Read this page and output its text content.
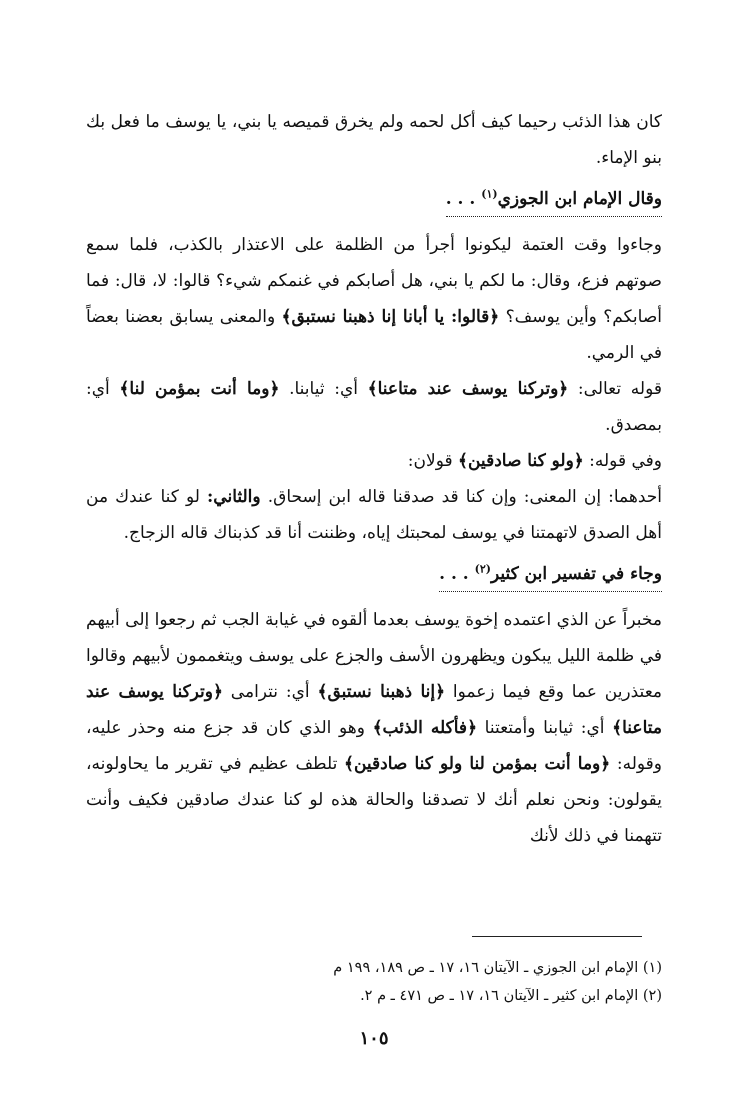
كان هذا الذئب رحيما كيف أكل لحمه ولم يخرق قميصه يا بني، يا يوسف ما فعل بك بنو الإماء.

وقال الإمام ابن الجوزي$^{(١)}$ . . .

وجاءوا وقت العتمة ليكونوا أجرأ من الظلمة على الاعتذار بالكذب، فلما سمع صوتهم فزع، وقال: ما لكم يا بني، هل أصابكم في غنمكم شيء؟ قالوا: لا، قال: فما أصابكم؟ وأين يوسف؟ ﴿قالوا: يا أبانا إنا ذهبنا نستبق﴾ والمعنى يسابق بعضنا بعضاً في الرمي.

قوله تعالى: ﴿وتركنا يوسف عند متاعنا﴾ أي: ثيابنا. ﴿وما أنت بمؤمن لنا﴾ أي: بمصدق.

وفي قوله: ﴿ولو كنا صادقين﴾ قولان:

أحدهما: إن المعنى: وإن كنا قد صدقنا قاله ابن إسحاق. والثاني: لو كنا عندك من أهل الصدق لاتهمتنا في يوسف لمحبتك إياه، وظننت أنا قد كذبناك قاله الزجاج.

وجاء في تفسير ابن كثير$^{(٢)}$ . . .

مخبراً عن الذي اعتمده إخوة يوسف بعدما ألقوه في غيابة الجب ثم رجعوا إلى أبيهم في ظلمة الليل يبكون ويظهرون الأسف والجزع على يوسف ويتغممون لأبيهم وقالوا معتذرين عما وقع فيما زعموا ﴿إنا ذهبنا نستبق﴾ أي: نترامى ﴿وتركنا يوسف عند متاعنا﴾ أي: ثيابنا وأمتعتنا ﴿فأكله الذئب﴾ وهو الذي كان قد جزع منه وحذر عليه، وقوله: ﴿وما أنت بمؤمن لنا ولو كنا صادقين﴾ تلطف عظيم في تقرير ما يحاولونه، يقولون: ونحن نعلم أنك لا تصدقنا والحالة هذه لو كنا عندك صادقين فكيف وأنت تتهمنا في ذلك لأنك

(١) الإمام ابن الجوزي ـ الآيتان ١٦، ١٧ ـ ص ١٨٩، ١٩٩ م
(٢) الإمام ابن كثير ـ الآيتان ١٦، ١٧ ـ ص ٤٧١ ـ م ٢.
١٠٥
